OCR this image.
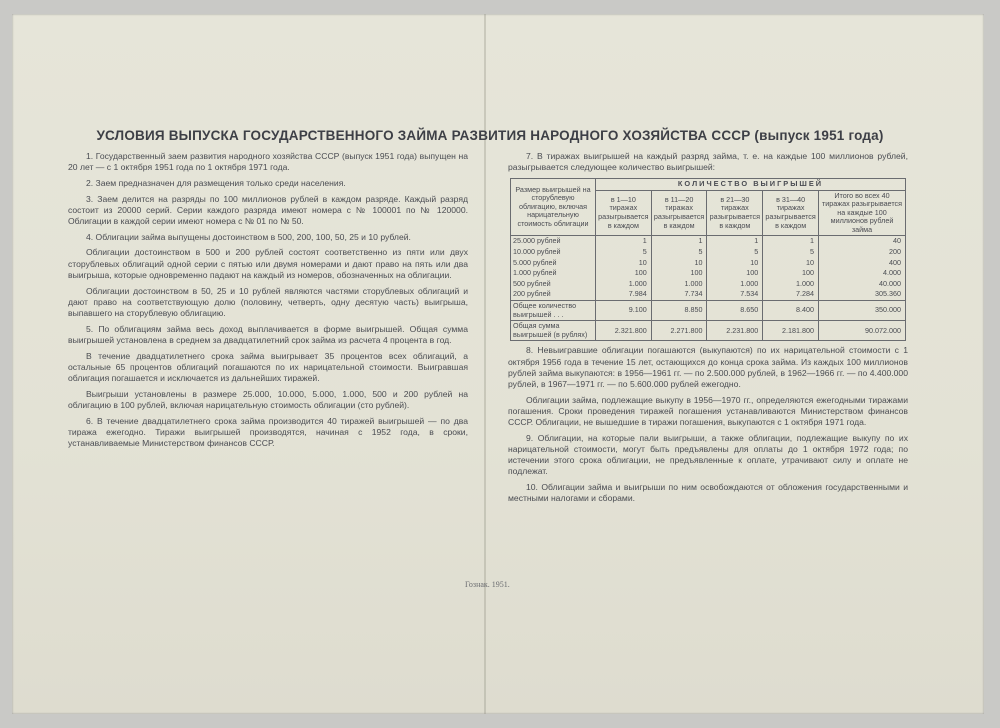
УСЛОВИЯ ВЫПУСКА ГОСУДАРСТВЕННОГО ЗАЙМА РАЗВИТИЯ НАРОДНОГО ХОЗЯЙСТВА СССР (выпуск 1951 года)

1. Государственный заем развития народного хозяйства СССР (выпуск 1951 года) выпущен на 20 лет — с 1 октября 1951 года по 1 октября 1971 года.

2. Заем предназначен для размещения только среди населения.

3. Заем делится на разряды по 100 миллионов рублей в каждом разряде. Каждый разряд состоит из 20000 серий. Серии каждого разряда имеют номера с № 100001 по № 120000. Облигации в каждой серии имеют номера с № 01 по № 50.

4. Облигации займа выпущены достоинством в 500, 200, 100, 50, 25 и 10 рублей.

Облигации достоинством в 500 и 200 рублей состоят соответственно из пяти или двух сторублевых облигаций одной серии с пятью или двумя номерами и дают право на пять или два выигрыша, которые одновременно падают на каждый из номеров, обозначенных на облигации.

Облигации достоинством в 50, 25 и 10 рублей являются частями сторублевых облигаций и дают право на соответствующую долю (половину, четверть, одну десятую часть) выигрыша, выпавшего на сторублевую облигацию.

5. По облигациям займа весь доход выплачивается в форме выигрышей. Общая сумма выигрышей установлена в среднем за двадцатилетний срок займа из расчета 4 процента в год.

В течение двадцатилетнего срока займа выигрывает 35 процентов всех облигаций, а остальные 65 процентов облигаций погашаются по их нарицательной стоимости. Выигравшая облигация погашается и исключается из дальнейших тиражей.

Выигрыши установлены в размере 25.000, 10.000, 5.000, 1.000, 500 и 200 рублей на облигацию в 100 рублей, включая нарицательную стоимость облигации (сто рублей).

6. В течение двадцатилетнего срока займа производится 40 тиражей выигрышей — по два тиража ежегодно. Тиражи выигрышей производятся, начиная с 1952 года, в сроки, устанавливаемые Министерством финансов СССР.

7. В тиражах выигрышей на каждый разряд займа, т. е. на каждые 100 миллионов рублей, разыгрывается следующее количество выигрышей:

Размер выигрышей на сторублевую облигацию, включая нарицательную стоимость облигации	КОЛИЧЕСТВО ВЫИГРЫШЕЙ				
	в 1—10 тиражах разыгрывается в каждом	в 11—20 тиражах разыгрывается в каждом	в 21—30 тиражах разыгрывается в каждом	в 31—40 тиражах разыгрывается в каждом	Итого во всех 40 тиражах разыгрывается на каждые 100 миллионов рублей займа
25.000 рублей	1	1	1	1	40
10.000 рублей	5	5	5	5	200
5.000 рублей	10	10	10	10	400
1.000 рублей	100	100	100	100	4.000
500 рублей	1.000	1.000	1.000	1.000	40.000
200 рублей	7.984	7.734	7.534	7.284	305.360
Общее количество выигрышей . . .	9.100	8.850	8.650	8.400	350.000
Общая сумма выигрышей (в рублях)	2.321.800	2.271.800	2.231.800	2.181.800	90.072.000

8. Невыигравшие облигации погашаются (выкупаются) по их нарицательной стоимости с 1 октября 1956 года в течение 15 лет, остающихся до конца срока займа. Из каждых 100 миллионов рублей займа выкупаются: в 1956—1961 гг. — по 2.500.000 рублей, в 1962—1966 гг. — по 4.400.000 рублей, в 1967—1971 гг. — по 5.600.000 рублей ежегодно.

Облигации займа, подлежащие выкупу в 1956—1970 гг., определяются ежегодными тиражами погашения. Сроки проведения тиражей погашения устанавливаются Министерством финансов СССР. Облигации, не вышедшие в тиражи погашения, выкупаются с 1 октября 1971 года.

9. Облигации, на которые пали выигрыши, а также облигации, подлежащие выкупу по их нарицательной стоимости, могут быть предъявлены для оплаты до 1 октября 1972 года; по истечении этого срока облигации, не предъявленные к оплате, утрачивают силу и оплате не подлежат.

10. Облигации займа и выигрыши по ним освобождаются от обложения государственными и местными налогами и сборами.

Гознак. 1951.
